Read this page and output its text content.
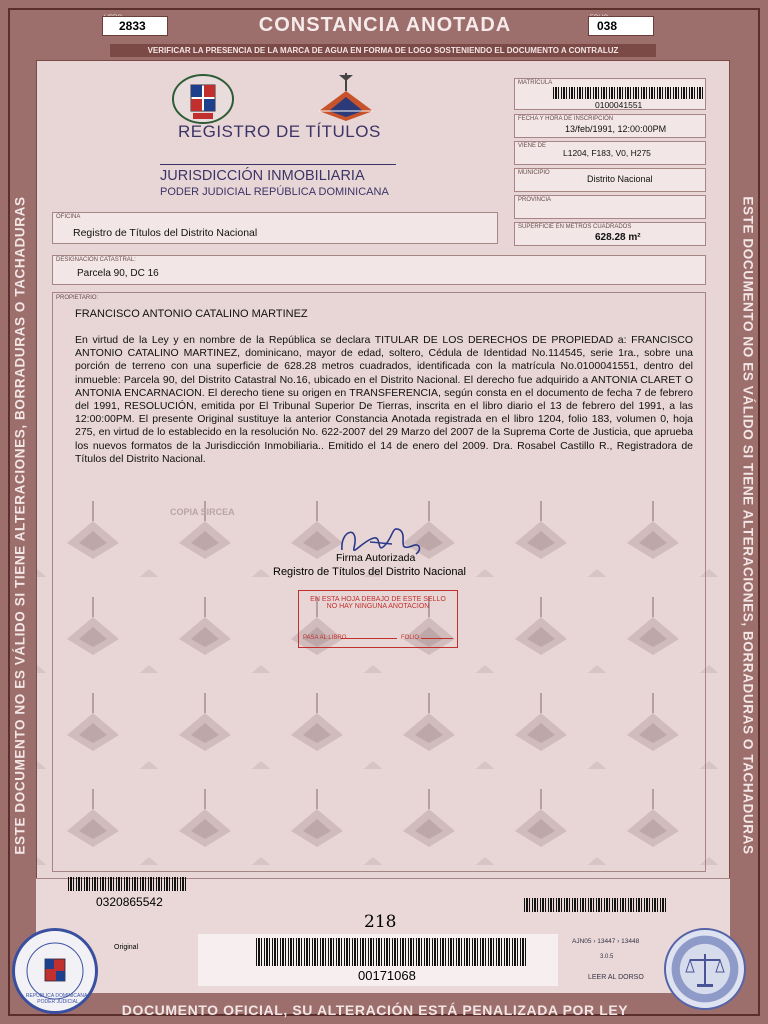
ESTE DOCUMENTO NO ES VÁLIDO SI TIENE ALTERACIONES, BORRADURAS O TACHADURAS	ESTE DOCUMENTO NO ES VÁLIDO SI TIENE ALTERACIONES, BORRADURAS O TACHADURAS
2833	CONSTANCIA ANOTADA	038
VERIFICAR LA PRESENCIA DE LA MARCA DE AGUA EN FORMA DE LOGO SOSTENIENDO EL DOCUMENTO A CONTRALUZ
REGISTRO DE TÍTULOS
JURISDICCIÓN INMOBILIARIA
PODER JUDICIAL REPÚBLICA DOMINICANA
MATRÍCULA
0100041551
FECHA Y HORA DE INSCRIPCIÓN
13/feb/1991, 12:00:00PM
VIENE DE
L1204, F183, V0, H275
MUNICIPIO
Distrito Nacional
PROVINCIA
SUPERFICIE EN METROS CUADRADOS
628.28 m²
OFICINA
Registro de Títulos del Distrito Nacional
DESIGNACIÓN CATASTRAL:
Parcela 90, DC 16
PROPIETARIO:
FRANCISCO ANTONIO CATALINO MARTINEZ
En virtud de la Ley y en nombre de la República se declara TITULAR DE LOS DERECHOS DE PROPIEDAD a: FRANCISCO ANTONIO CATALINO MARTINEZ, dominicano, mayor de edad, soltero, Cédula de Identidad No.114545, serie 1ra., sobre una porción de terreno con una superficie de 628.28 metros cuadrados, identificada con la matrícula No.0100041551, dentro del inmueble: Parcela 90, del Distrito Catastral No.16, ubicado en el Distrito Nacional. El derecho fue adquirido a ANTONIA CLARET O ANTONIA ENCARNACION. El derecho tiene su origen en TRANSFERENCIA, según consta en el documento de fecha 7 de febrero del 1991, RESOLUCIÓN, emitida por El Tribunal Superior De Tierras, inscrita en el libro diario el 13 de febrero del 1991, a las 12:00:00PM. El presente Original sustituye la anterior Constancia Anotada registrada en el libro 1204, folio 183, volumen 0, hoja 275, en virtud de lo establecido en la resolución No. 622-2007 del 29 Marzo del 2007 de la Suprema Corte de Justicia, que aprueba los nuevos formatos de la Jurisdicción Inmobiliaria.. Emitido el 14 de enero del 2009. Dra. Rosabel Castillo R., Registradora de Títulos del Distrito Nacional.
Firma Autorizada
Registro de Títulos del Distrito Nacional
EN ESTA HOJA DEBAJO DE ESTE SELLO
NO HAY NINGUNA ANOTACION
PASA AL LIBRO	FOLIO
COPIA SIRCEA
0320865542
218
Original
00171068
AJN05 › 13447 › 13448
3.0.5
LEER AL DORSO
REPÚBLICA DOMINICANA · PODER JUDICIAL	DOCUMENTO OFICIAL, SU ALTERACIÓN ESTÁ PENALIZADA POR LEY
